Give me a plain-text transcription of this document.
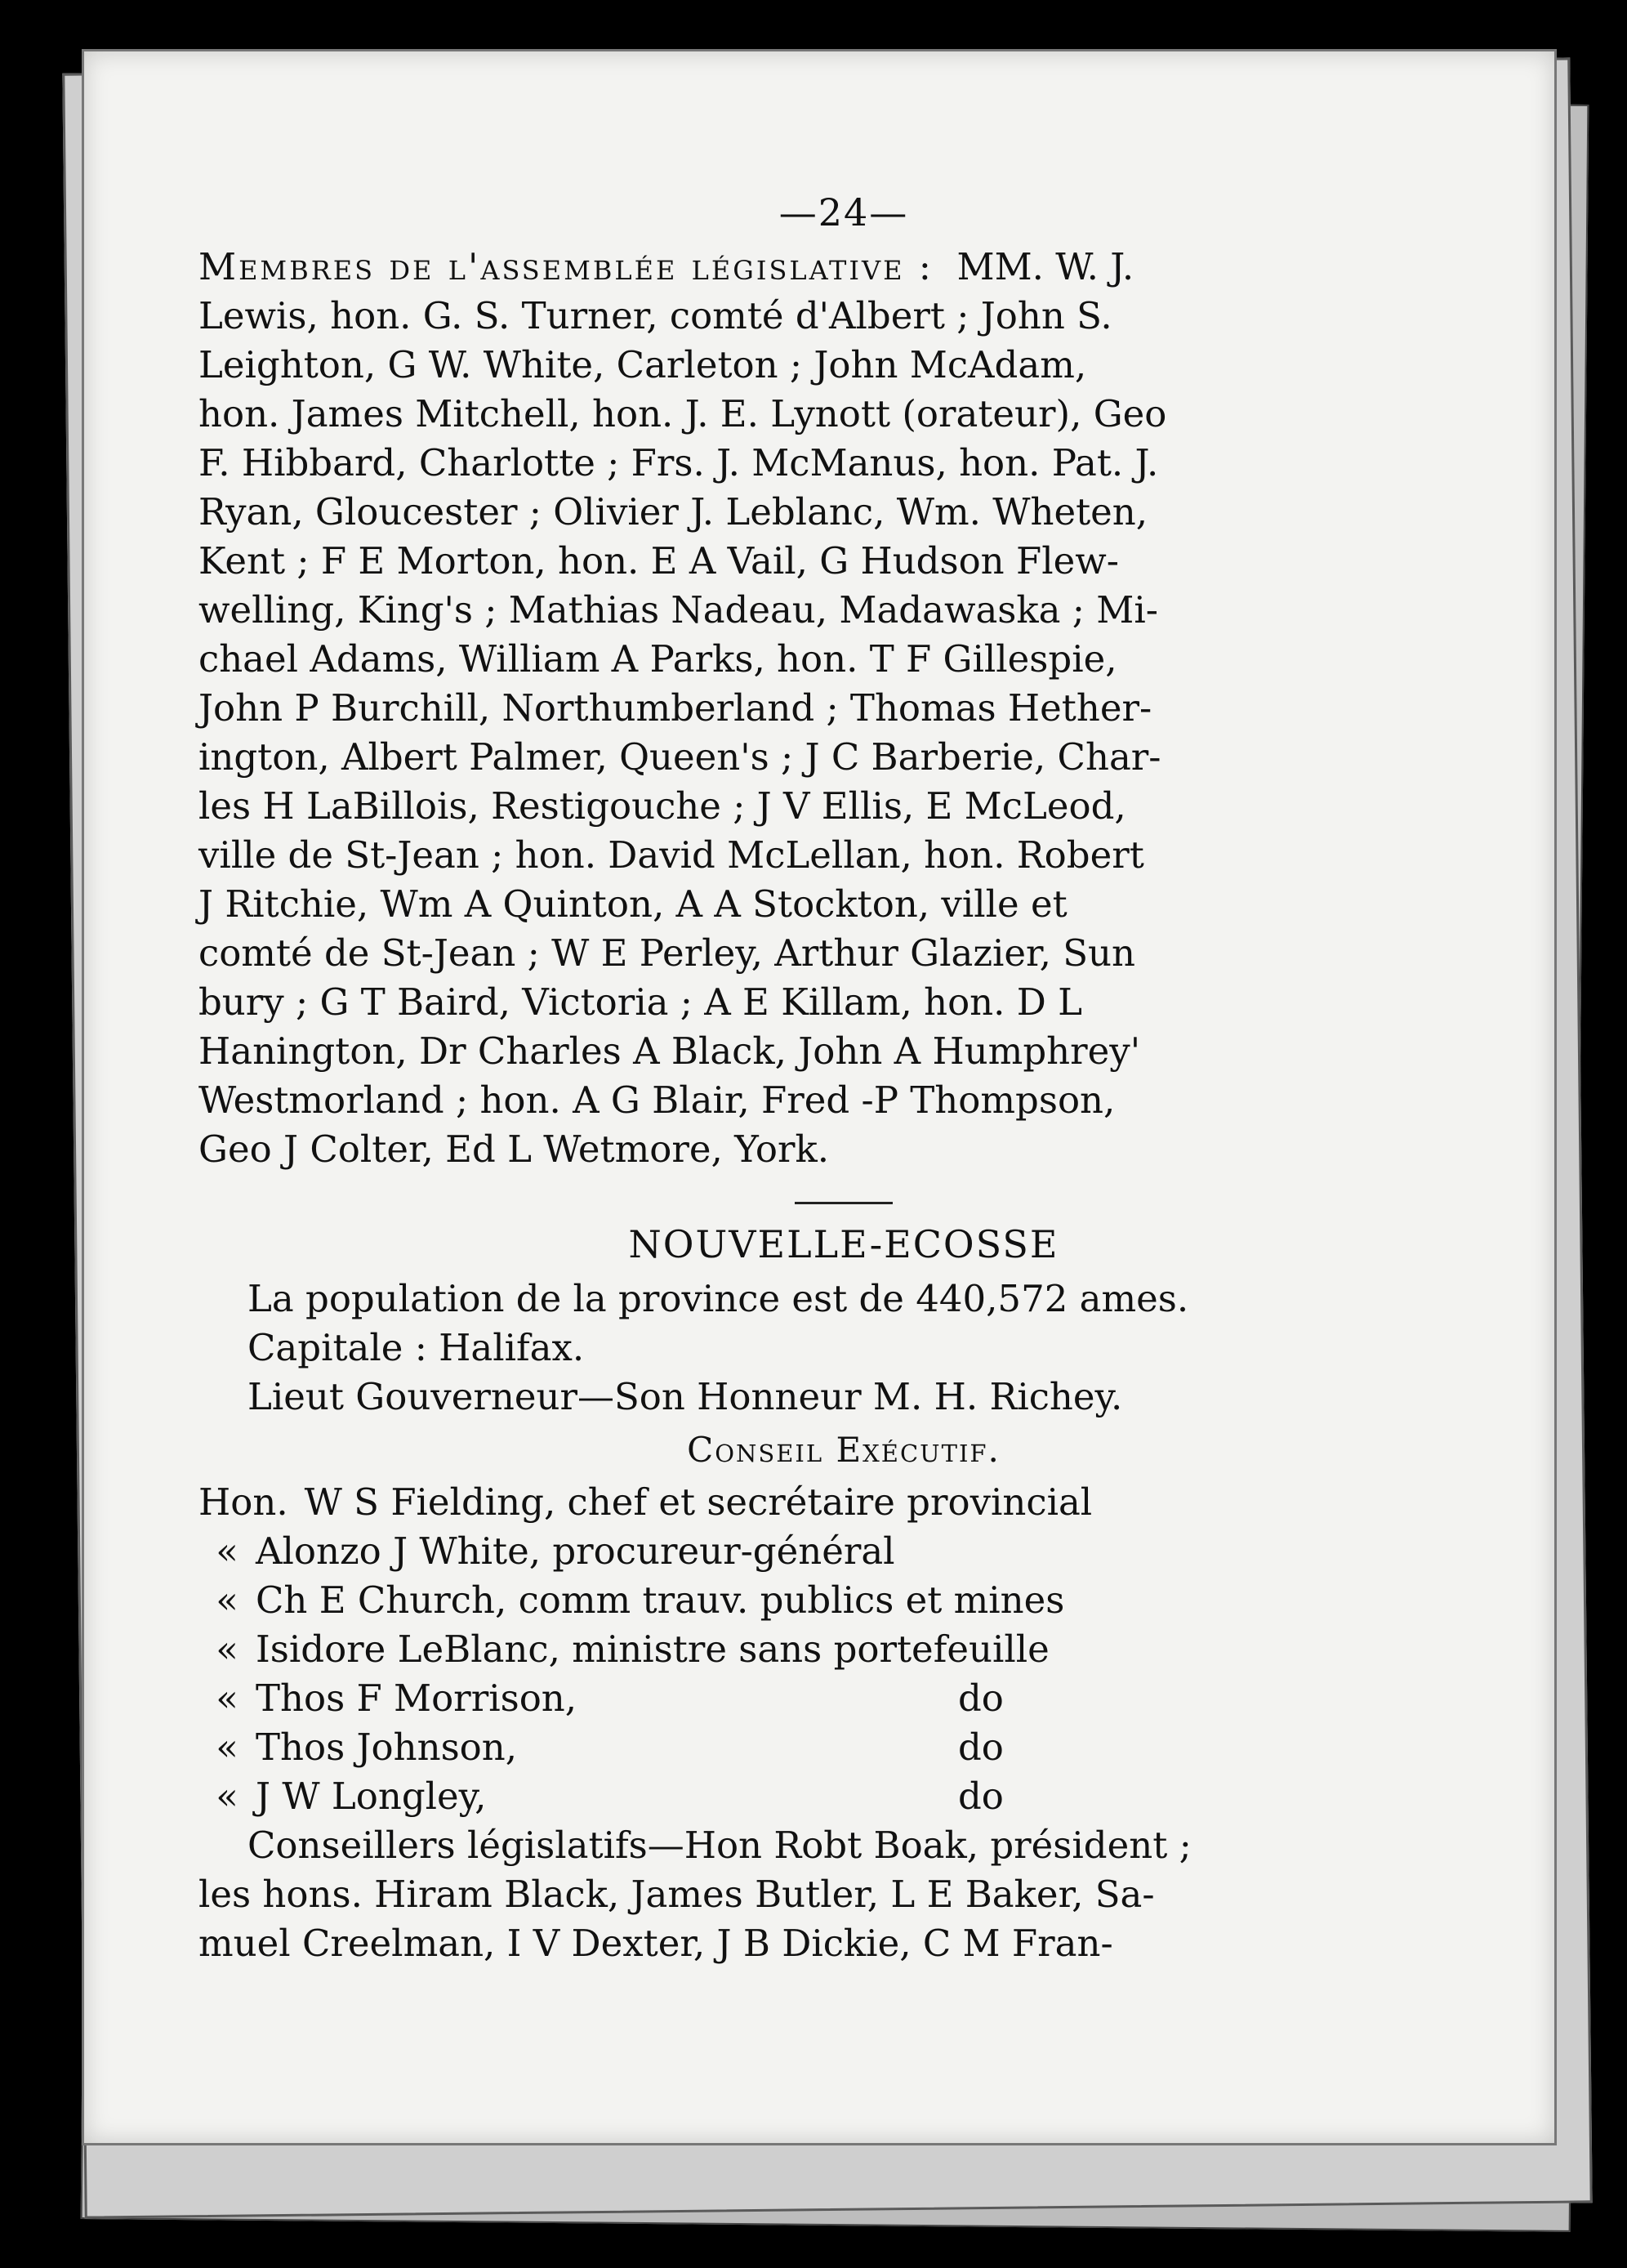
—24—
Membres de l'assemblée législative : MM. W. J.
Lewis, hon. G. S. Turner, comté d'Albert ; John S.
Leighton, G W. White, Carleton ; John McAdam,
hon. James Mitchell, hon. J. E. Lynott (orateur), Geo
F. Hibbard, Charlotte ; Frs. J. McManus, hon. Pat. J.
Ryan, Gloucester ; Olivier J. Leblanc, Wm. Wheten,
Kent ; F E Morton, hon. E A Vail, G Hudson Flew-
welling, King's ; Mathias Nadeau, Madawaska ; Mi-
chael Adams, William A Parks, hon. T F Gillespie,
John P Burchill, Northumberland ; Thomas Hether-
ington, Albert Palmer, Queen's ; J C Barberie, Char-
les H LaBillois, Restigouche ; J V Ellis, E McLeod,
ville de St-Jean ; hon. David McLellan, hon. Robert
J Ritchie, Wm A Quinton, A A Stockton, ville et
comté de St-Jean ; W E Perley, Arthur Glazier, Sun
bury ; G T Baird, Victoria ; A E Killam, hon. D L
Hanington, Dr Charles A Black, John A Humphrey'
Westmorland ; hon. A G Blair, Fred -P Thompson,
Geo J Colter, Ed L Wetmore, York.
NOUVELLE-ECOSSE
La population de la province est de 440,572 ames.
Capitale : Halifax.
Lieut Gouverneur—Son Honneur M. H. Richey.
Conseil Exécutif.
Hon. W S Fielding, chef et secrétaire provincial
« Alonzo J White, procureur-général
« Ch E Church, comm trauv. publics et mines
« Isidore LeBlanc, ministre sans portefeuille
« Thos F Morrison,	do
« Thos Johnson,	do
« J W Longley,	do
Conseillers législatifs—Hon Robt Boak, président ;
les hons. Hiram Black, James Butler, L E Baker, Sa-
muel Creelman, I V Dexter, J B Dickie, C M Fran-
